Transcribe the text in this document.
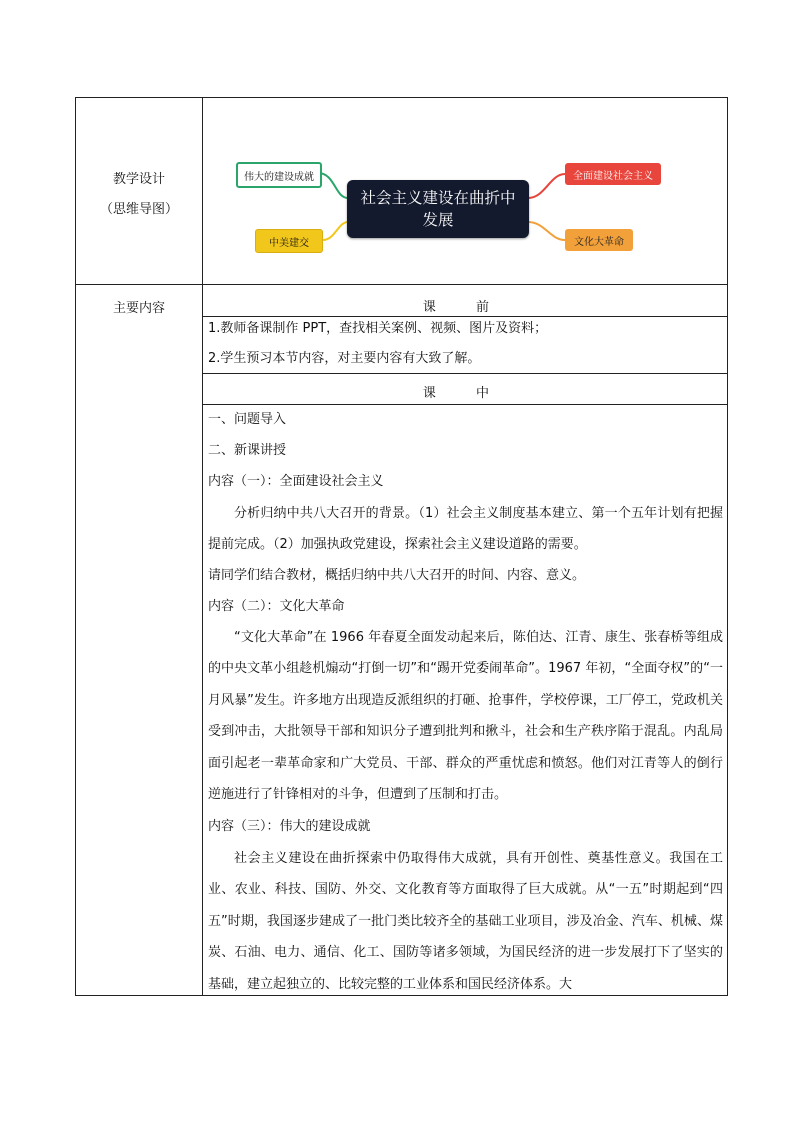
教学设计
（思维导图）
主要内容
伟大的建设成就
中美建交
全面建设社会主义
文化大革命
社会主义建设在曲折中
发展
课 前
1.教师备课制作 PPT，查找相关案例、视频、图片及资料；
2.学生预习本节内容，对主要内容有大致了解。
课 中
一、问题导入
二、新课讲授
内容（一）：全面建设社会主义
分析归纳中共八大召开的背景。（1）社会主义制度基本建立、第一个五年计划有把握提前完成。（2）加强执政党建设，探索社会主义建设道路的需要。
请同学们结合教材，概括归纳中共八大召开的时间、内容、意义。
内容（二）：文化大革命
“文化大革命”在 1966 年春夏全面发动起来后，陈伯达、江青、康生、张春桥等组成的中央文革小组趁机煽动“打倒一切”和“踢开党委闹革命”。1967 年初，“全面夺权”的“一月风暴”发生。许多地方出现造反派组织的打砸、抢事件，学校停课，工厂停工，党政机关受到冲击，大批领导干部和知识分子遭到批判和揪斗，社会和生产秩序陷于混乱。内乱局面引起老一辈革命家和广大党员、干部、群众的严重忧虑和愤怒。他们对江青等人的倒行逆施进行了针锋相对的斗争，但遭到了压制和打击。
内容（三）：伟大的建设成就
社会主义建设在曲折探索中仍取得伟大成就，具有开创性、奠基性意义。我国在工业、农业、科技、国防、外交、文化教育等方面取得了巨大成就。从“一五”时期起到“四五”时期，我国逐步建成了一批门类比较齐全的基础工业项目，涉及冶金、汽车、机械、煤炭、石油、电力、通信、化工、国防等诸多领域，为国民经济的进一步发展打下了坚实的基础，建立起独立的、比较完整的工业体系和国民经济体系。大
